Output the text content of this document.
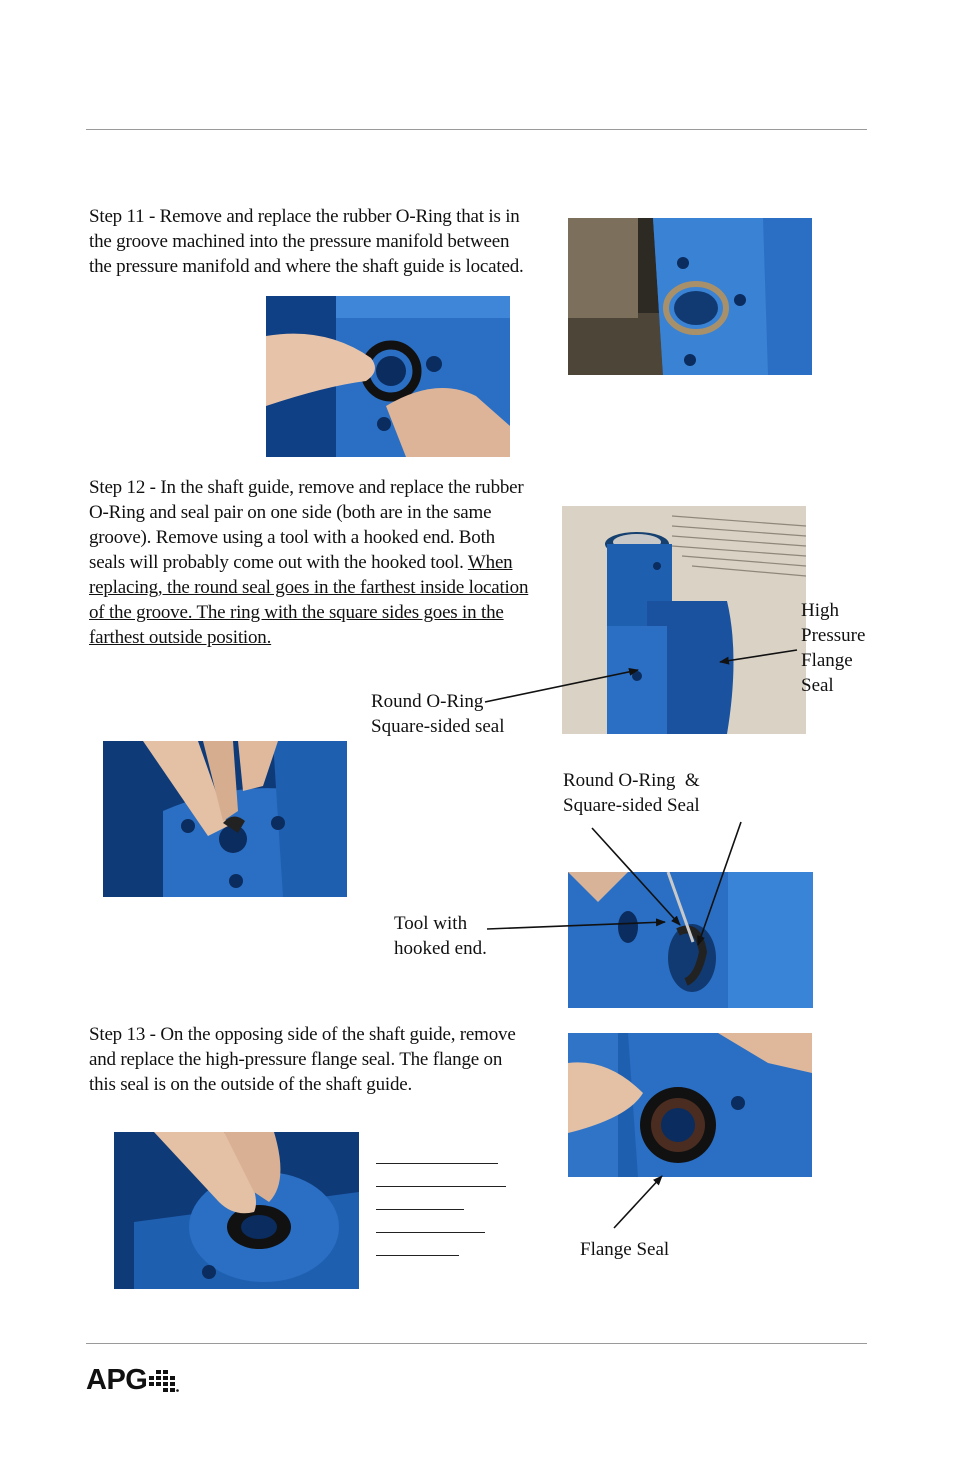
Step 11 - Remove and replace the rubber O-Ring that is in the groove machined into the pressure manifold between the pressure manifold and where the shaft guide is located.
Step 12 - In the shaft guide, remove and replace the rubber O-Ring and seal pair on one side (both are in the same groove). Remove using a tool with a hooked end. Both seals will probably come out with the hooked tool. When replacing, the round seal goes in the farthest inside location of the groove. The ring with the square sides goes in the farthest outside position.
Step 13 - On the opposing side of the shaft guide, remove and replace the high-pressure flange seal. The flange on this seal is on the outside of the shaft guide.
High
Pressure
Flange
Seal
Round O-Ring
Square-sided seal
Round O-Ring  &
Square-sided Seal
Tool with
hooked end.
Flange Seal
APG
